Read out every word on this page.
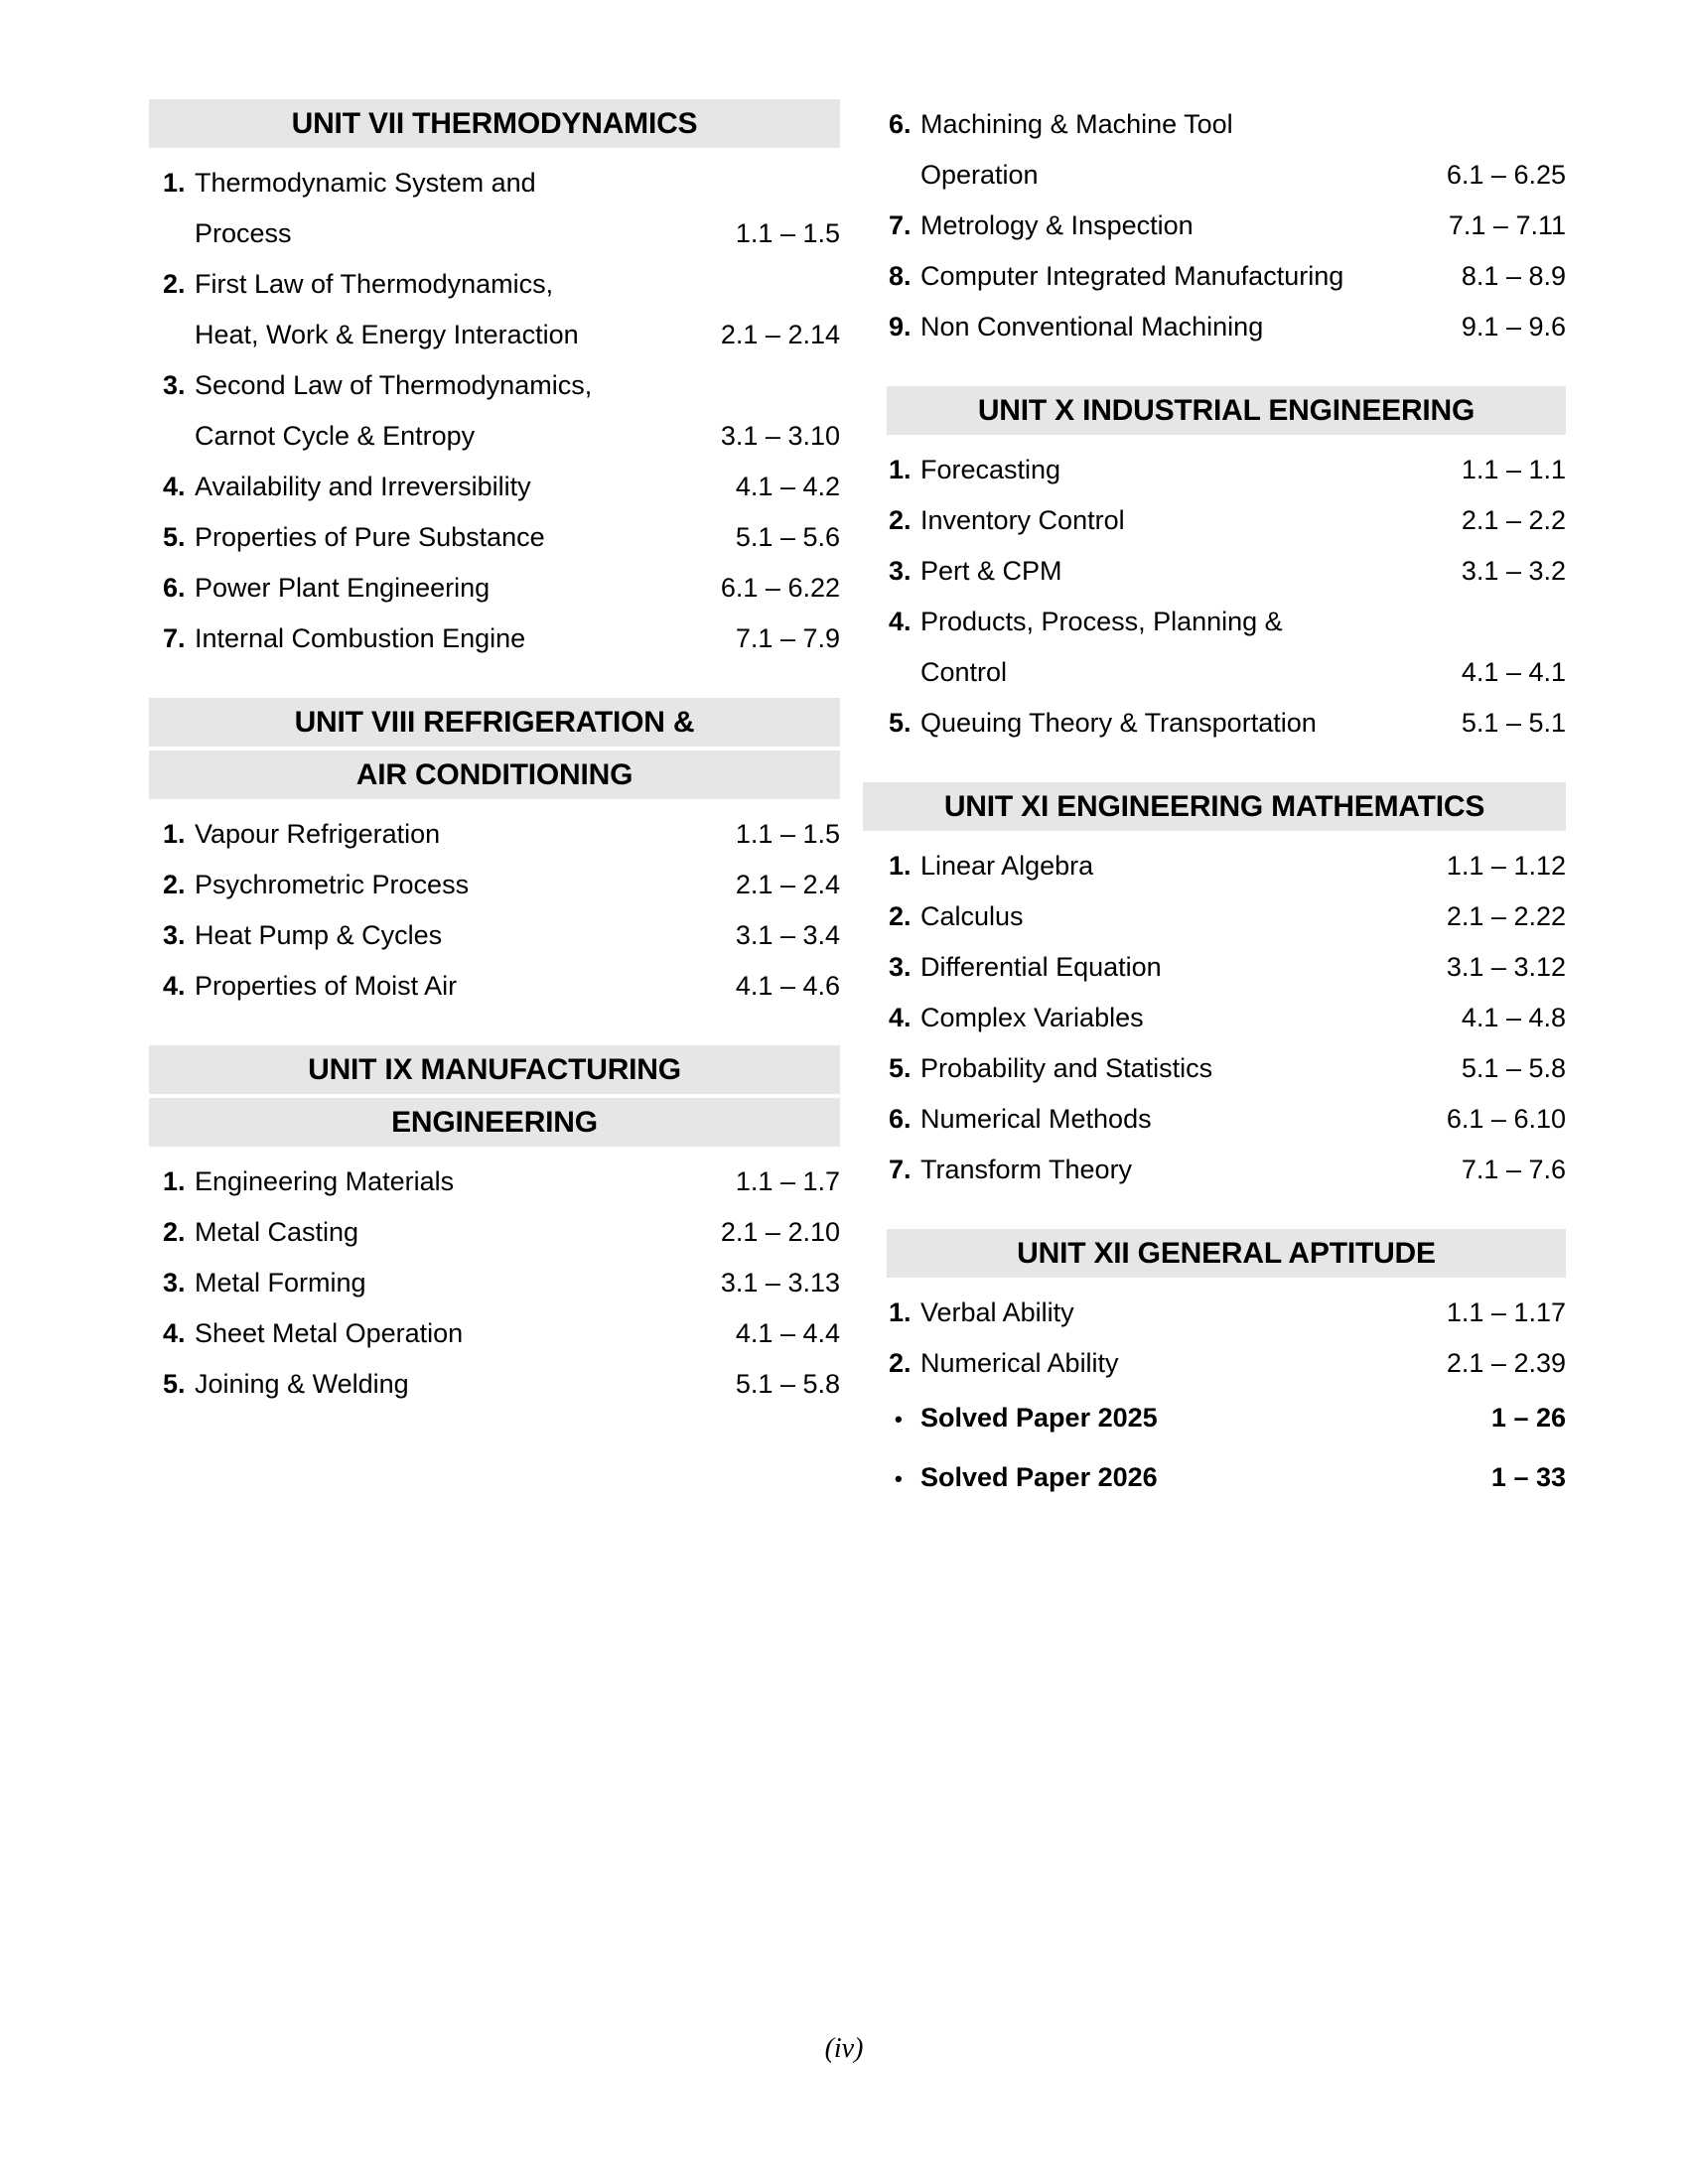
UNIT VII THERMODYNAMICS
1. Thermodynamic System and
Process	1.1 – 1.5
2. First Law of Thermodynamics,
Heat, Work & Energy Interaction	2.1 – 2.14
3. Second Law of Thermodynamics,
Carnot Cycle & Entropy	3.1 – 3.10
4. Availability and Irreversibility	4.1 – 4.2
5. Properties of Pure Substance	5.1 – 5.6
6. Power Plant Engineering	6.1 – 6.22
7. Internal Combustion Engine	7.1 – 7.9
UNIT VIII REFRIGERATION &
AIR CONDITIONING
1. Vapour Refrigeration	1.1 – 1.5
2. Psychrometric Process	2.1 – 2.4
3. Heat Pump & Cycles	3.1 – 3.4
4. Properties of Moist Air	4.1 – 4.6
UNIT IX MANUFACTURING
ENGINEERING
1. Engineering Materials	1.1 – 1.7
2. Metal Casting	2.1 – 2.10
3. Metal Forming	3.1 – 3.13
4. Sheet Metal Operation	4.1 – 4.4
5. Joining & Welding	5.1 – 5.8
6. Machining & Machine Tool
Operation	6.1 – 6.25
7. Metrology & Inspection	7.1 – 7.11
8. Computer Integrated Manufacturing	8.1 – 8.9
9. Non Conventional Machining	9.1 – 9.6
UNIT X INDUSTRIAL ENGINEERING
1. Forecasting	1.1 – 1.1
2. Inventory Control	2.1 – 2.2
3. Pert & CPM	3.1 – 3.2
4. Products, Process, Planning &
Control	4.1 – 4.1
5. Queuing Theory & Transportation	5.1 – 5.1
UNIT XI ENGINEERING MATHEMATICS
1. Linear Algebra	1.1 – 1.12
2. Calculus	2.1 – 2.22
3. Differential Equation	3.1 – 3.12
4. Complex Variables	4.1 – 4.8
5. Probability and Statistics	5.1 – 5.8
6. Numerical Methods	6.1 – 6.10
7. Transform Theory	7.1 – 7.6
UNIT XII GENERAL APTITUDE
1. Verbal Ability	1.1 – 1.17
2. Numerical Ability	2.1 – 2.39
• Solved Paper 2025	1 – 26
• Solved Paper 2026	1 – 33
(iv)
